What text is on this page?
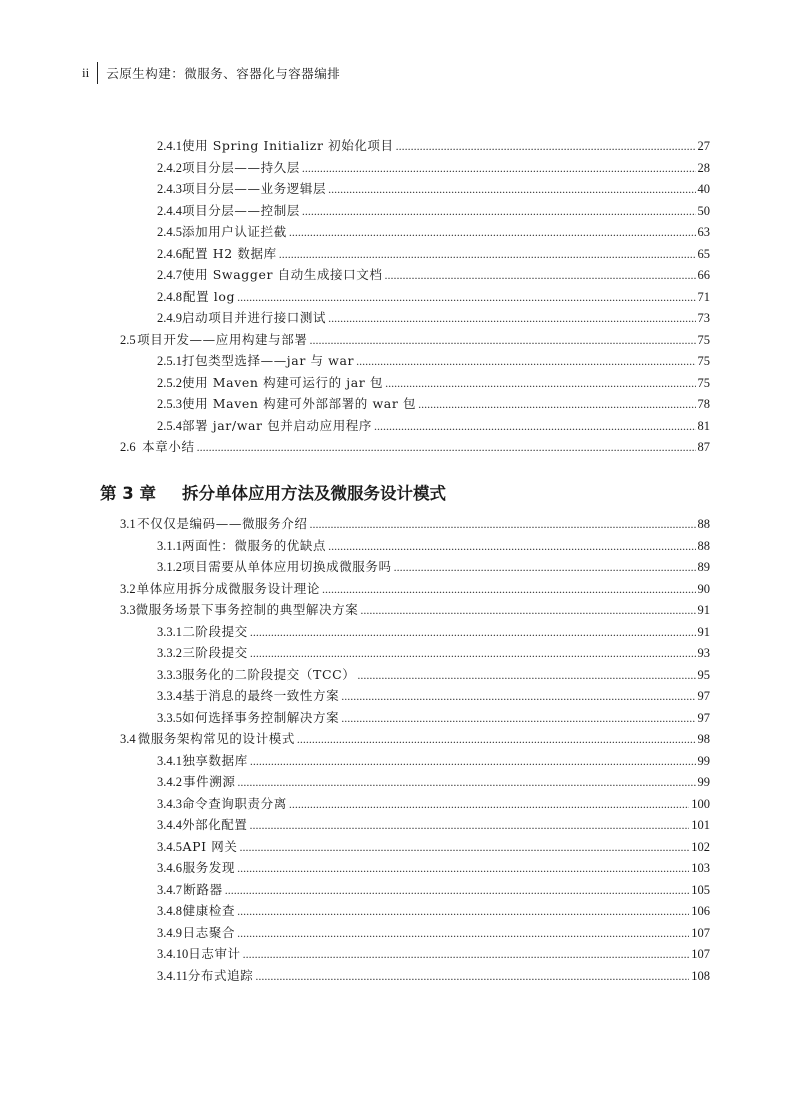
ii	云原生构建：微服务、容器化与容器编排
2.4.1 使用 Spring Initializr 初始化项目 .....	27
2.4.2 项目分层——持久层 .....	28
2.4.3 项目分层——业务逻辑层 .....	40
2.4.4 项目分层——控制层 .....	50
2.4.5 添加用户认证拦截 .....	63
2.4.6 配置 H2 数据库 .....	65
2.4.7 使用 Swagger 自动生成接口文档 .....	66
2.4.8 配置 log .....	71
2.4.9 启动项目并进行接口测试 .....	73
2.5 项目开发——应用构建与部署 .....	75
2.5.1 打包类型选择——jar 与 war .....	75
2.5.2 使用 Maven 构建可运行的 jar 包 .....	75
2.5.3 使用 Maven 构建可外部部署的 war 包 .....	78
2.5.4 部署 jar/war 包并启动应用程序 .....	81
2.6 本章小结 .....	87
3.1 不仅仅是编码——微服务介绍 .....	88
3.1.1 两面性：微服务的优缺点 .....	88
3.1.2 项目需要从单体应用切换成微服务吗 .....	89
3.2 单体应用拆分成微服务设计理论 .....	90
3.3 微服务场景下事务控制的典型解决方案 .....	91
3.3.1 二阶段提交 .....	91
3.3.2 三阶段提交 .....	93
3.3.3 服务化的二阶段提交（TCC） .....	95
3.3.4 基于消息的最终一致性方案 .....	97
3.3.5 如何选择事务控制解决方案 .....	97
3.4 微服务架构常见的设计模式 .....	98
3.4.1 独享数据库 .....	99
3.4.2 事件溯源 .....	99
3.4.3 命令查询职责分离 .....	100
3.4.4 外部化配置 .....	101
3.4.5 API 网关 .....	102
3.4.6 服务发现 .....	103
3.4.7 断路器 .....	105
3.4.8 健康检查 .....	106
3.4.9 日志聚合 .....	107
3.4.10 日志审计 .....	107
3.4.11 分布式追踪 .....	108
第 3 章	拆分单体应用方法及微服务设计模式
